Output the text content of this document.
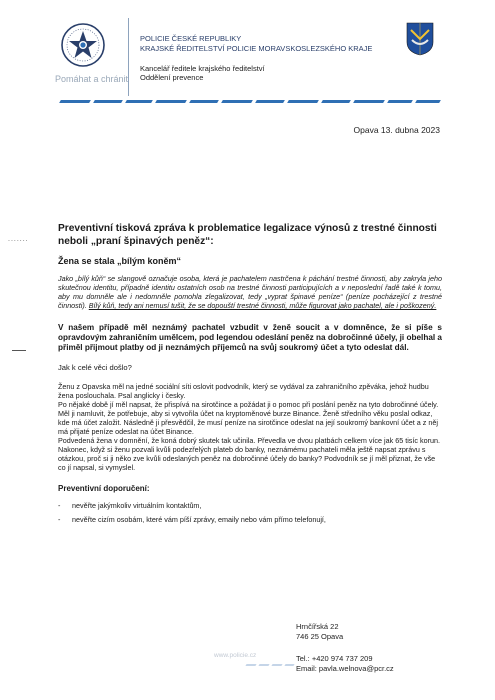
Pomáhat a chránit
POLICIE ČESKÉ REPUBLIKY
KRAJSKÉ ŘEDITELSTVÍ POLICIE MORAVSKOSLEZSKÉHO KRAJE
Kancelář ředitele krajského ředitelství
Oddělení prevence
Opava 13. dubna 2023
.......

Preventivní tisková zpráva k problematice legalizace výnosů z trestné činnosti neboli „praní špinavých peněz“:

Žena se stala „bílým koněm“

Jako „bílý kůň“ se slangově označuje osoba, která je pachatelem nastrčena k páchání trestné činnosti, aby zakryla jeho skutečnou identitu, případně identitu ostatních osob na trestné činnosti participujících a v neposlední řadě také k tomu, aby mu domněle ale i nedomněle pomohla zlegalizovat, tedy „vyprat špinavé peníze“ (peníze pocházející z trestné činnosti). Bílý kůň, tedy ani nemusí tušit, že se dopouští trestné činnosti, může figurovat jako pachatel, ale i poškozený.

V našem případě měl neznámý pachatel vzbudit v ženě soucit a v domněnce, že si píše s opravdovým zahraničním umělcem, pod legendou odeslání peněz na dobročinné účely, ji obelhal a přiměl přijmout platby od ji neznámých příjemců na svůj soukromý účet a tyto odeslat dál.

Jak k celé věci došlo?

Ženu z Opavska měl na jedné sociální síti oslovit podvodník, který se vydával za zahraničního zpěváka, jehož hudbu žena poslouchala. Psal anglicky i česky.

Po nějaké době jí měl napsat, že přispívá na sirotčince a požádat ji o pomoc při poslání peněz na tyto dobročinné účely.

Měl ji namluvit, že potřebuje, aby si vytvořila účet na kryptoměnové burze Binance. Ženě středního věku poslal odkaz, kde má účet založit. Následně ji přesvědčil, že musí peníze na sirotčince odeslat na její soukromý bankovní účet a z něj má přijaté peníze odeslat na účet Binance.

Podvedená žena v domnění, že koná dobrý skutek tak učinila. Převedla ve dvou platbách celkem více jak 65 tisíc korun.

Nakonec, když si ženu pozvali kvůli podezřelých plateb do banky, neznámému pachateli měla ještě napsat zprávu s otázkou, proč si ji něko zve kvůli odeslaných peněz na dobročinné účely do banky? Podvodník se jí měl přiznat, že vše co jí napsal, si vymyslel.

Preventivní doporučení:

- nevěřte jakýmkoliv virtuálním kontaktům,
- nevěřte cizím osobám, které vám píší zprávy, emaily nebo vám přímo telefonují,
Hrnčířská 22
746 25 Opava
www.policie.cz	Tel.: +420 974 737 209
Email: pavla.welnova@pcr.cz
